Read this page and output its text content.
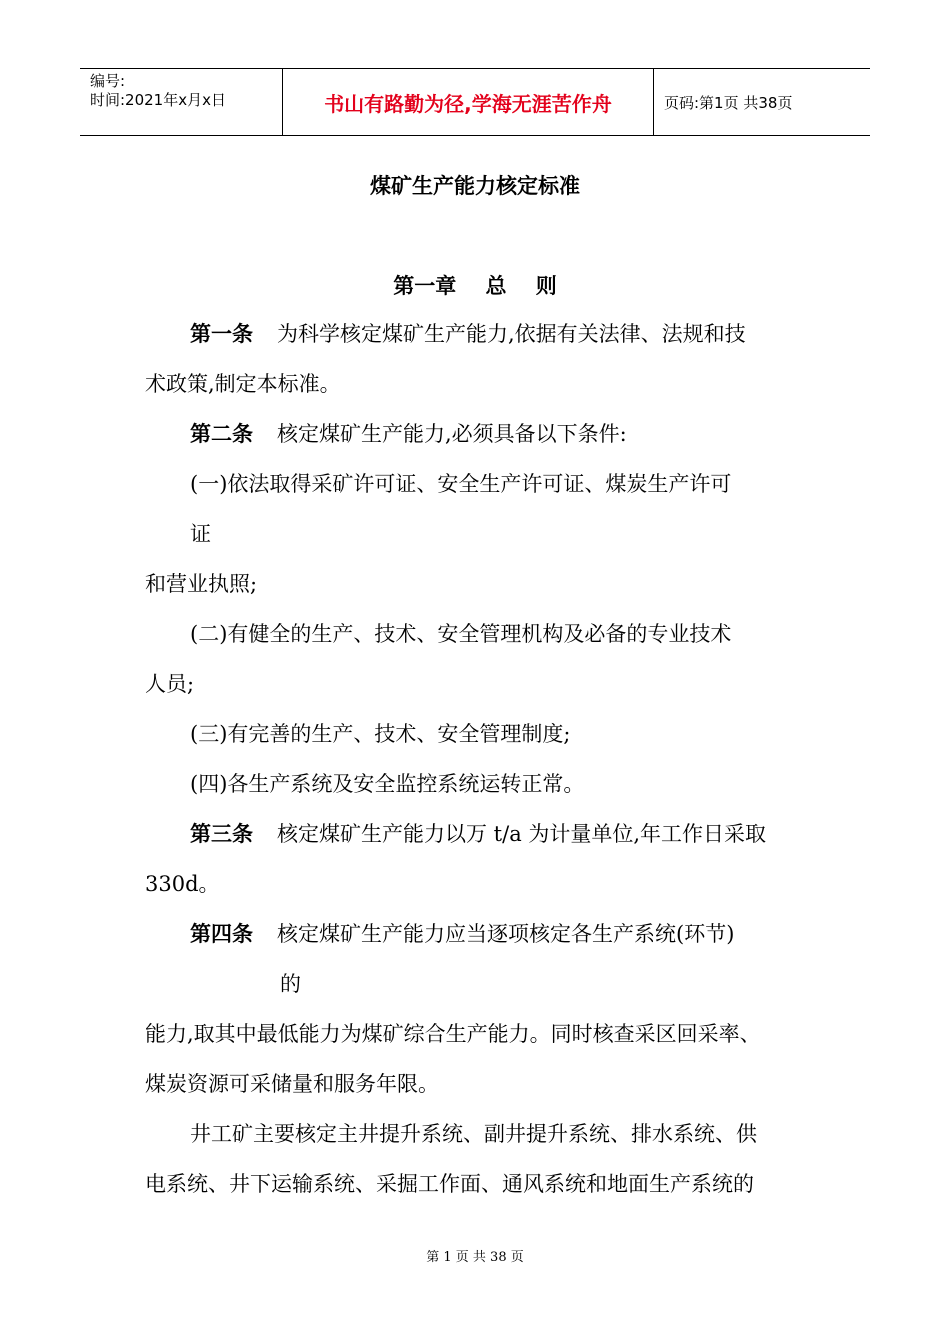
编号:
时间:2021年x月x日	书山有路勤为径,学海无涯苦作舟	页码:第1页 共38页
煤矿生产能力核定标准
第一章    总    则
第一条 为科学核定煤矿生产能力,依据有关法律、法规和技
术政策,制定本标准。
第二条 核定煤矿生产能力,必须具备以下条件:
(一)依法取得采矿许可证、安全生产许可证、煤炭生产许可
证
和营业执照;
(二)有健全的生产、技术、安全管理机构及必备的专业技术
人员;
(三)有完善的生产、技术、安全管理制度;
(四)各生产系统及安全监控系统运转正常。
第三条 核定煤矿生产能力以万 t/a 为计量单位,年工作日采取
330d。
第四条 核定煤矿生产能力应当逐项核定各生产系统(环节)
的
能力,取其中最低能力为煤矿综合生产能力。同时核查采区回采率、
煤炭资源可采储量和服务年限。
井工矿主要核定主井提升系统、副井提升系统、排水系统、供
电系统、井下运输系统、采掘工作面、通风系统和地面生产系统的
第 1 页 共 38 页
